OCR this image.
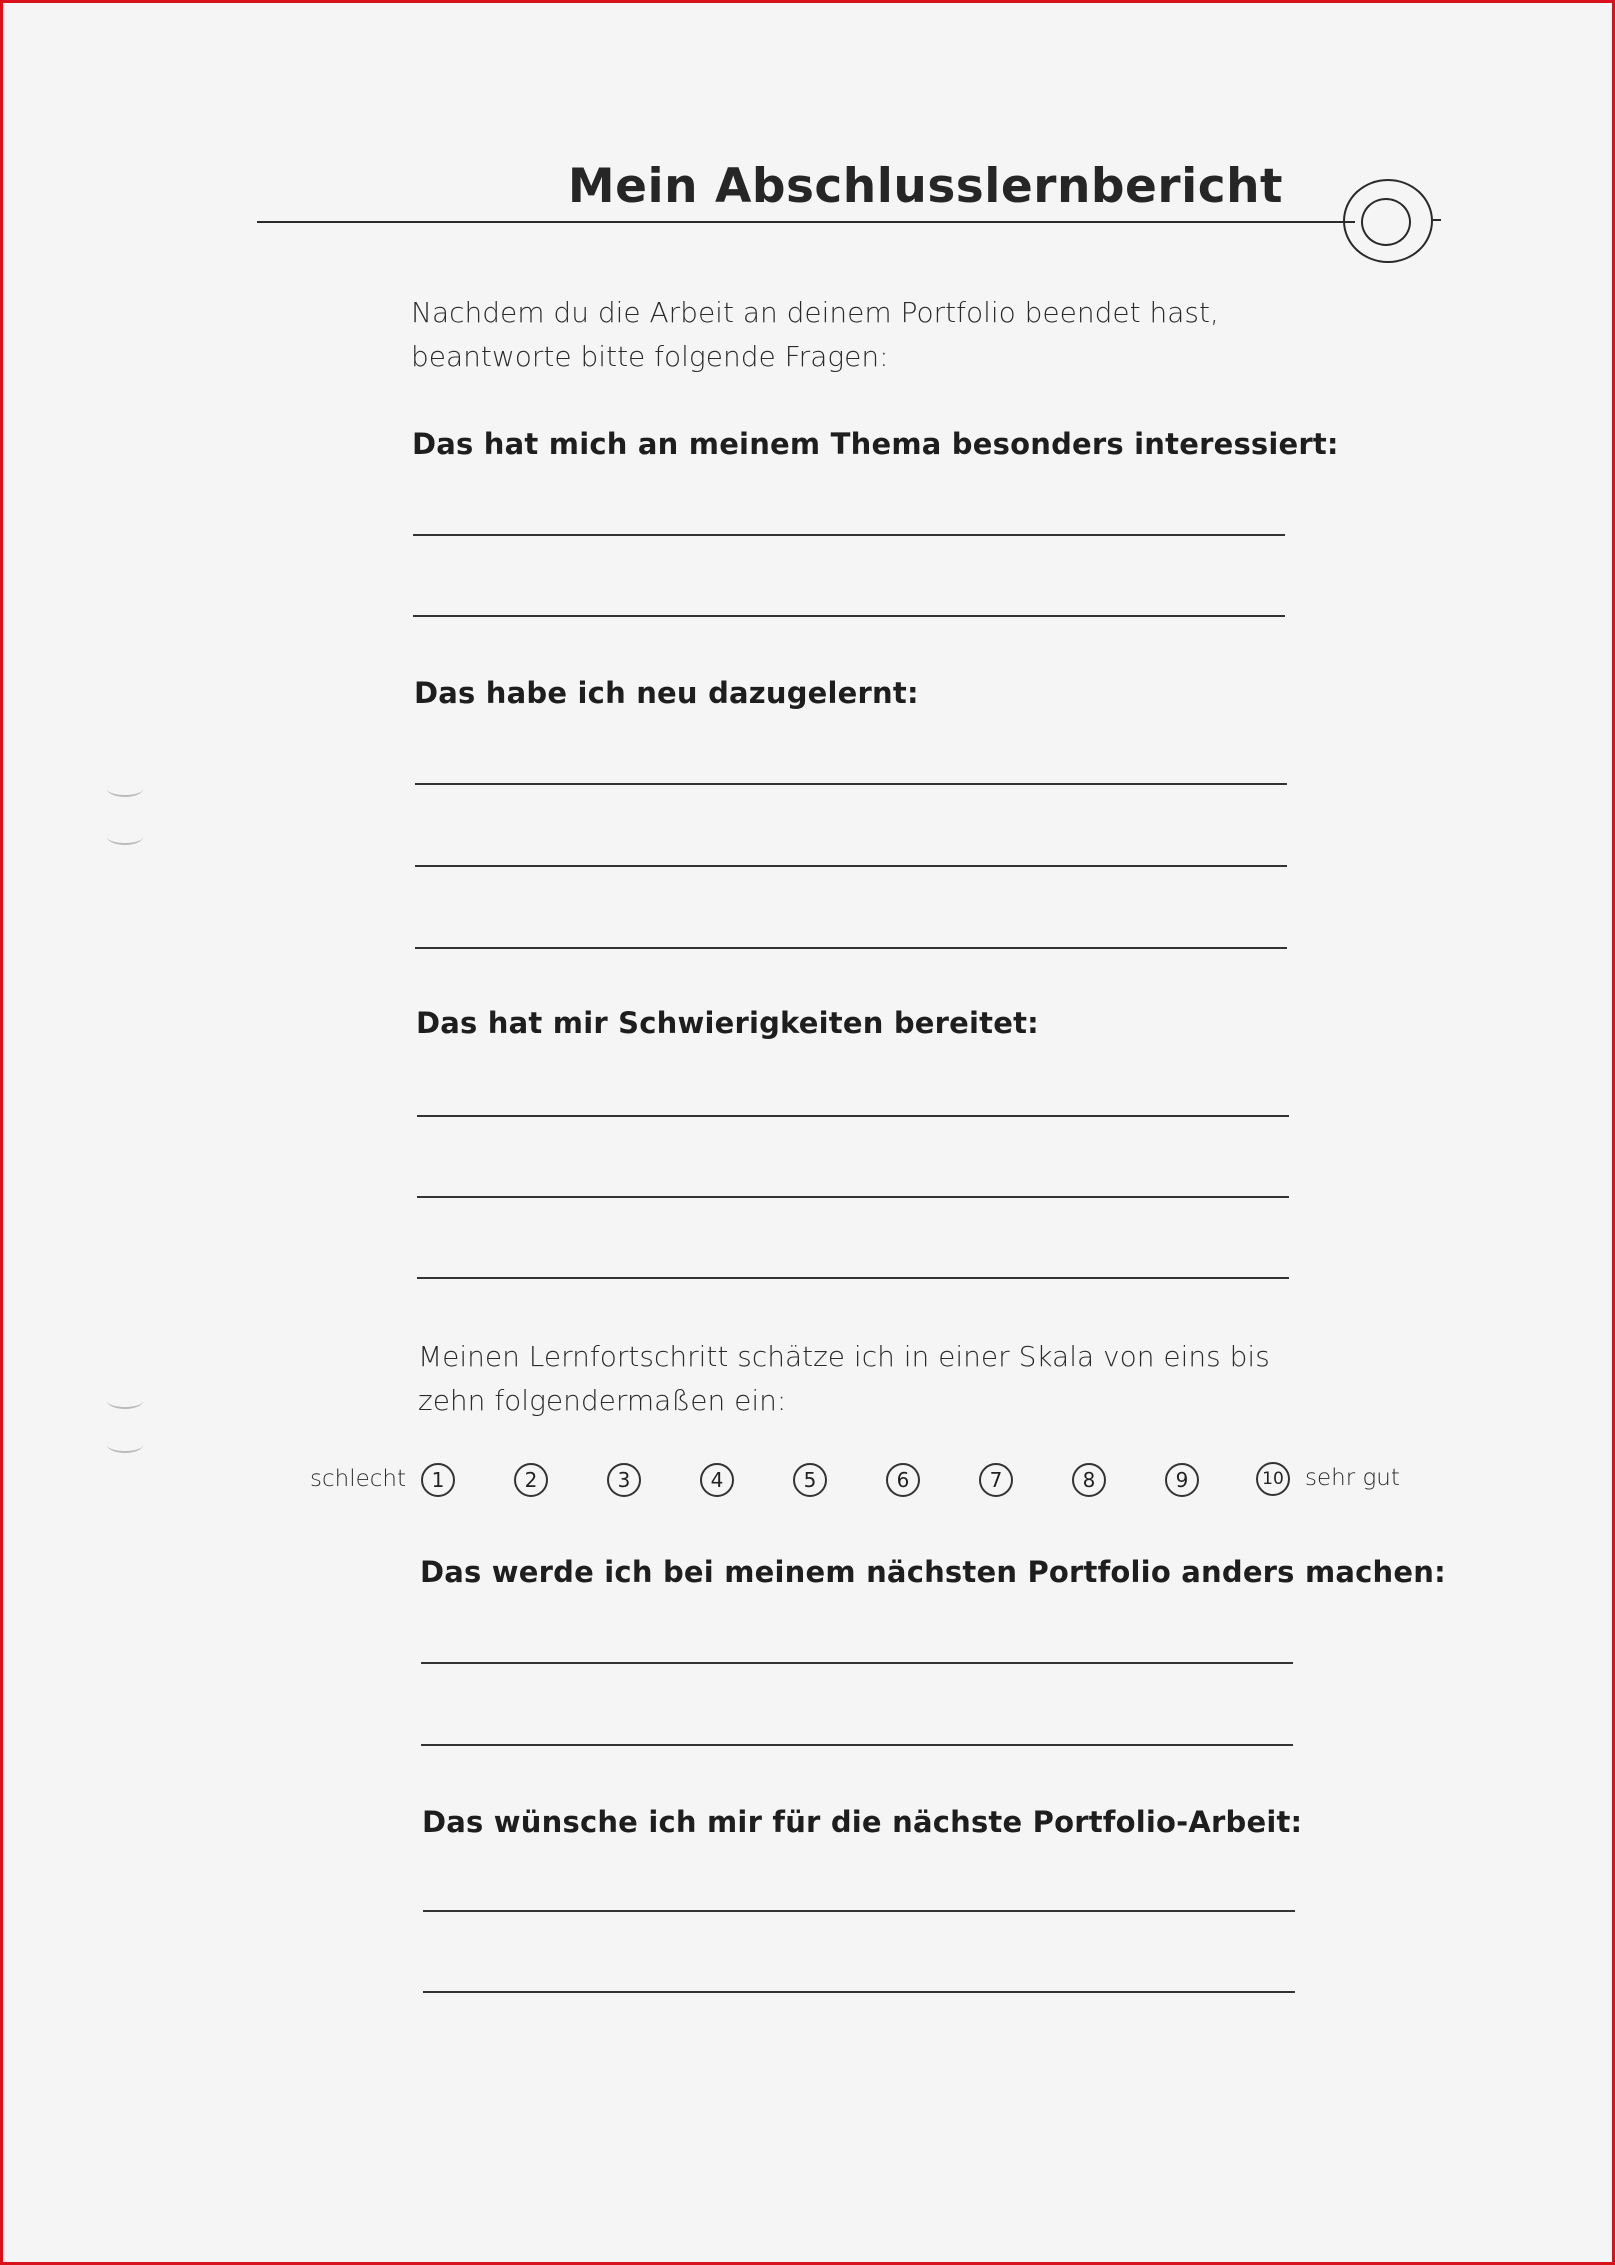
Mein Abschlusslernbericht

Nachdem du die Arbeit an deinem Portfolio beendet hast,

beantworte bitte folgende Fragen:

Das hat mich an meinem Thema besonders interessiert:

Das habe ich neu dazugelernt:

Das hat mir Schwierigkeiten bereitet:

Meinen Lernfortschritt schätze ich in einer Skala von eins bis

zehn folgendermaßen ein:

schlecht	sehr gut
1	2	3	4	5	6	7	8	9	10

Das werde ich bei meinem nächsten Portfolio anders machen:

Das wünsche ich mir für die nächste Portfolio-Arbeit:
